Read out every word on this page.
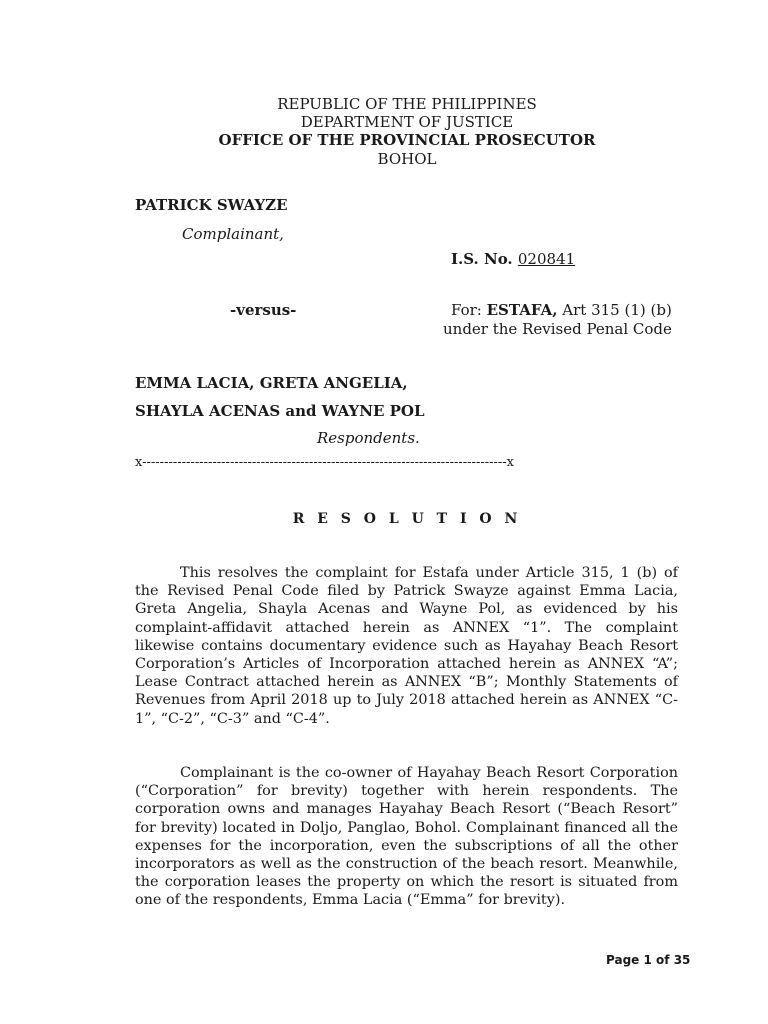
REPUBLIC OF THE PHILIPPINES
DEPARTMENT OF JUSTICE
OFFICE OF THE PROVINCIAL PROSECUTOR
BOHOL
PATRICK SWAYZE
Complainant,
I.S. No. 020841
-versus-	For: ESTAFA, Art 315 (1) (b)
under the Revised Penal Code
EMMA LACIA, GRETA ANGELIA,
SHAYLA ACENAS and WAYNE POL
Respondents.
x-----------------------------------------------------------------------------------x
R E S O L U T I O N
This resolves the complaint for Estafa under Article 315, 1 (b) of the Revised Penal Code filed by Patrick Swayze against Emma Lacia, Greta Angelia, Shayla Acenas and Wayne Pol, as evidenced by his complaint-affidavit attached herein as ANNEX “1”. The complaint likewise contains documentary evidence such as Hayahay Beach Resort Corporation’s Articles of Incorporation attached herein as ANNEX “A”; Lease Contract attached herein as ANNEX “B”; Monthly Statements of Revenues from April 2018 up to July 2018 attached herein as ANNEX “C-1”, “C-2”, “C-3” and “C-4”.
Complainant is the co-owner of Hayahay Beach Resort Corporation (“Corporation” for brevity) together with herein respondents. The corporation owns and manages Hayahay Beach Resort (“Beach Resort” for brevity) located in Doljo, Panglao, Bohol. Complainant financed all the expenses for the incorporation, even the subscriptions of all the other incorporators as well as the construction of the beach resort. Meanwhile, the corporation leases the property on which the resort is situated from one of the respondents, Emma Lacia (“Emma” for brevity).
Page 1 of 35
